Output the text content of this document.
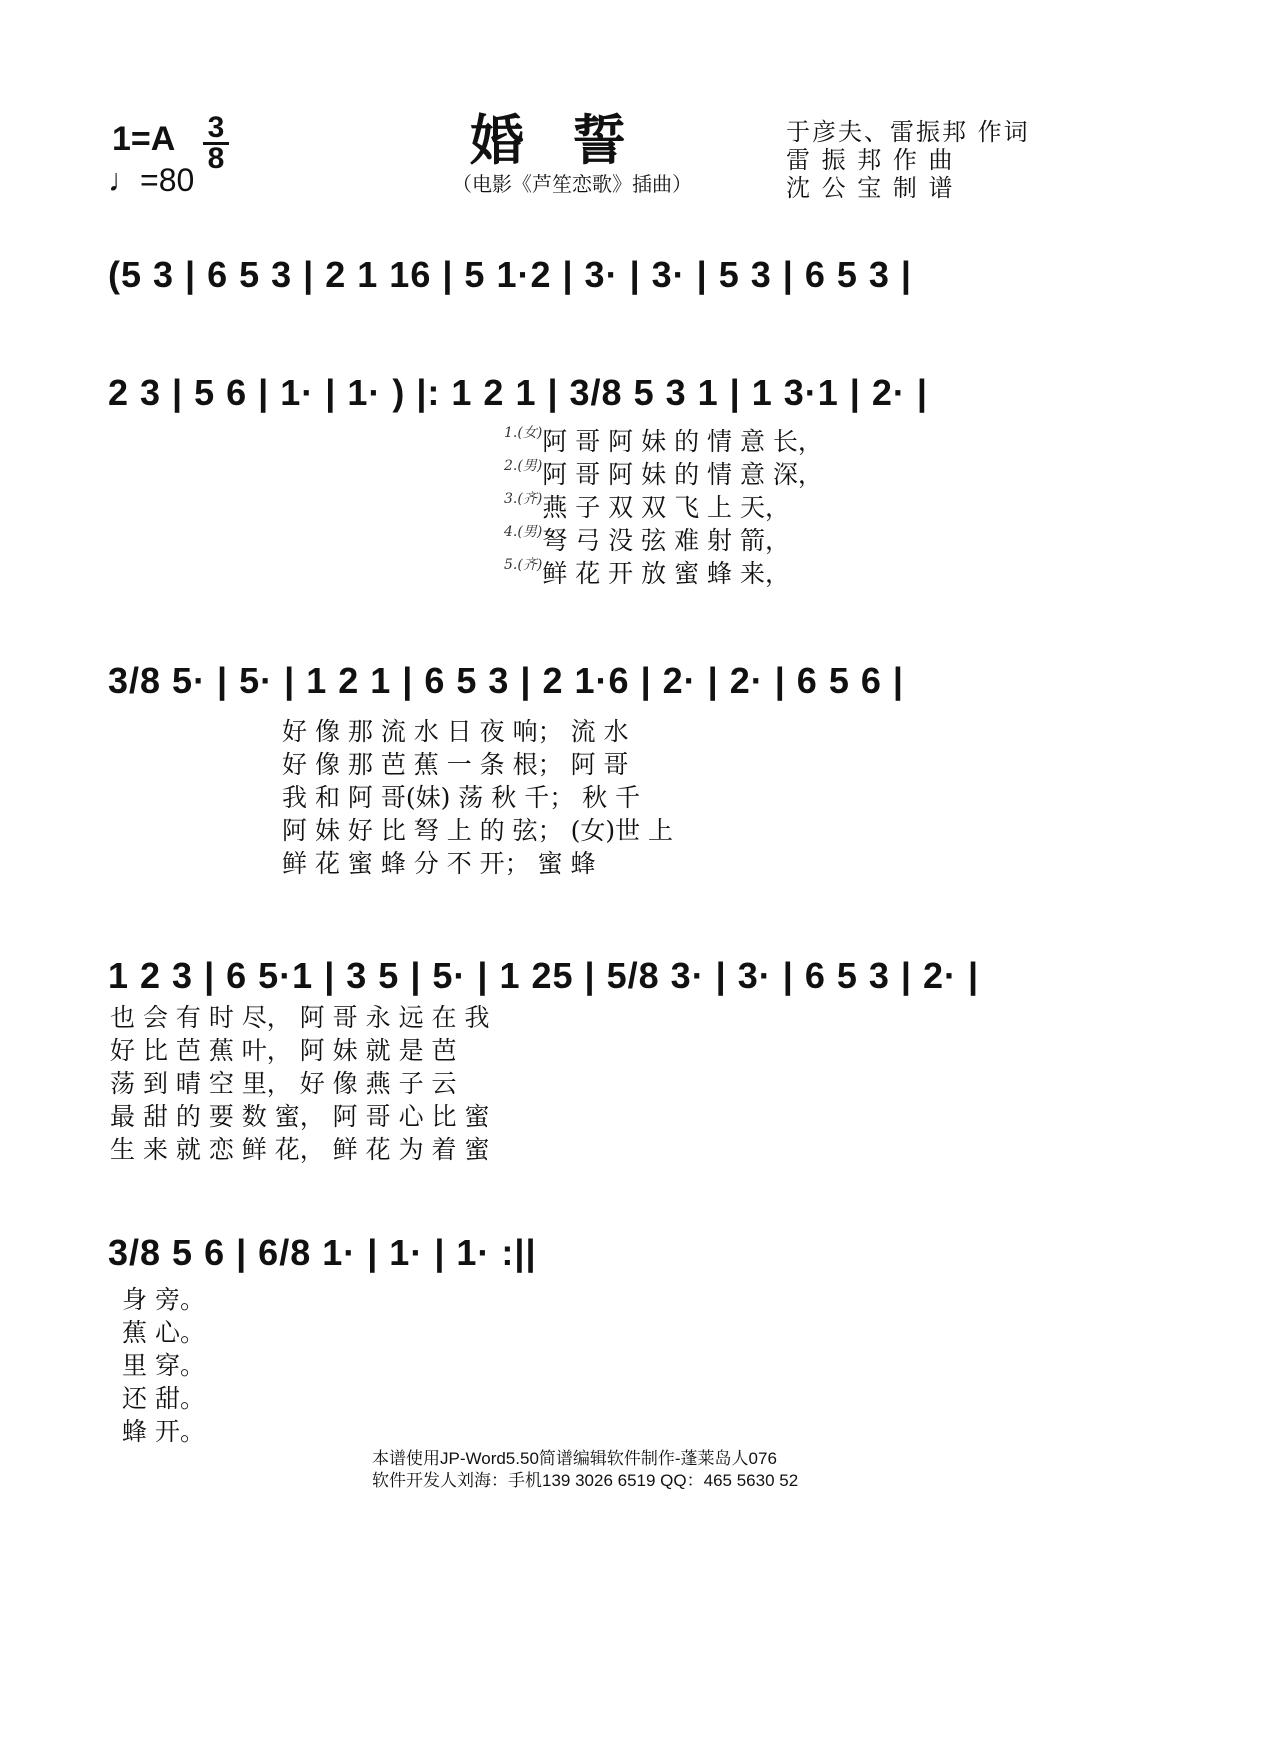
1=A 3
8
♩=80
婚誓
（电影《芦笙恋歌》插曲）
于彦夫、雷振邦 作词
雷 振 邦 作 曲
沈 公 宝 制 谱
(5 3 | 6 5 3 | 2 1 16 | 5 1·2 | 3· | 3· | 5 3 | 6 5 3 |
2 3 | 5 6 | 1· | 1· ) |: 1 2 1 | 3/8 5 3 1 | 1 3·1 | 2· |
1.(女) 阿 哥 阿 妹 的 情 意 长，
2.(男) 阿 哥 阿 妹 的 情 意 深，
3.(齐) 燕 子 双 双 飞 上 天，
4.(男) 弩 弓 没 弦 难 射 箭，
5.(齐) 鲜 花 开 放 蜜 蜂 来，
3/8 5· | 5· | 1 2 1 | 6 5 3 | 2 1·6 | 2· | 2· | 6 5 6 |
好 像 那 流 水 日 夜 响； 流 水
好 像 那 芭 蕉 一 条 根； 阿 哥
我 和 阿 哥(妹) 荡 秋 千； 秋 千
阿 妹 好 比 弩 上 的 弦； (女)世 上
鲜 花 蜜 蜂 分 不 开； 蜜 蜂
1 2 3 | 6 5·1 | 3 5 | 5· | 1 25 | 5/8 3· | 3· | 6 5 3 | 2· |
也 会 有 时 尽， 阿 哥 永 远 在 我
好 比 芭 蕉 叶， 阿 妹 就 是 芭
荡 到 晴 空 里， 好 像 燕 子 云
最 甜 的 要 数 蜜， 阿 哥 心 比 蜜
生 来 就 恋 鲜 花， 鲜 花 为 着 蜜
3/8 5 6 | 6/8 1· | 1· | 1· :||
身 旁。
蕉 心。
里 穿。
还 甜。
蜂 开。
本谱使用JP-Word5.50简谱编辑软件制作-蓬莱岛人076
软件开发人刘海：手机139 3026 6519 QQ：465 5630 52
